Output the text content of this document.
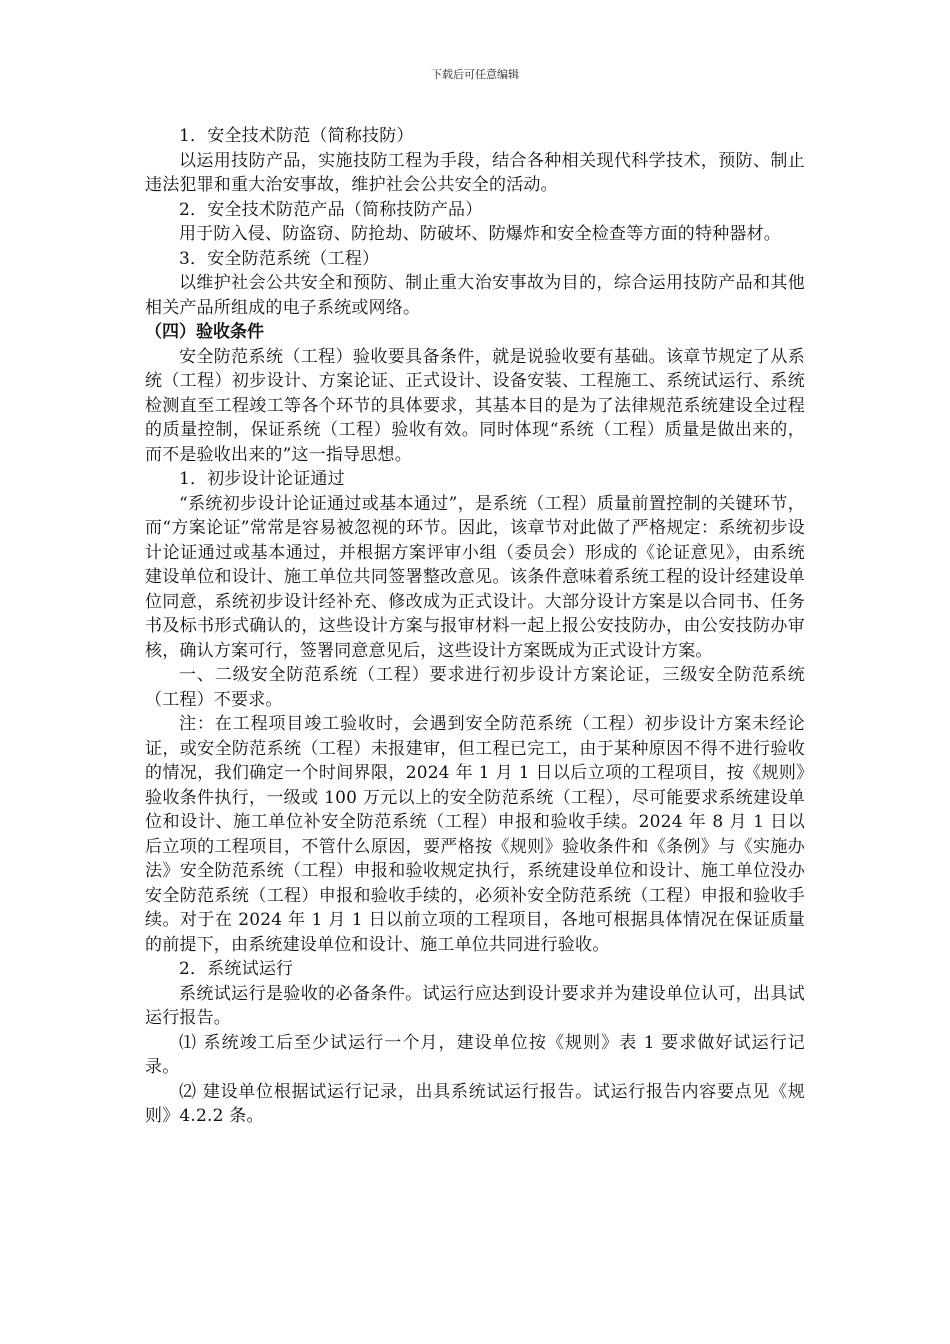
下载后可任意编辑

1．安全技术防范（简称技防）

以运用技防产品，实施技防工程为手段，结合各种相关现代科学技术，预防、制止违法犯罪和重大治安事故，维护社会公共安全的活动。

2．安全技术防范产品（简称技防产品）

用于防入侵、防盗窃、防抢劫、防破坏、防爆炸和安全检查等方面的特种器材。

3．安全防范系统（工程）

以维护社会公共安全和预防、制止重大治安事故为目的，综合运用技防产品和其他相关产品所组成的电子系统或网络。

（四）验收条件

安全防范系统（工程）验收要具备条件，就是说验收要有基础。该章节规定了从系统（工程）初步设计、方案论证、正式设计、设备安装、工程施工、系统试运行、系统检测直至工程竣工等各个环节的具体要求，其基本目的是为了法律规范系统建设全过程的质量控制，保证系统（工程）验收有效。同时体现“系统（工程）质量是做出来的，而不是验收出来的”这一指导思想。

1．初步设计论证通过

“系统初步设计论证通过或基本通过”，是系统（工程）质量前置控制的关键环节，而“方案论证”常常是容易被忽视的环节。因此，该章节对此做了严格规定：系统初步设计论证通过或基本通过，并根据方案评审小组（委员会）形成的《论证意见》，由系统建设单位和设计、施工单位共同签署整改意见。该条件意味着系统工程的设计经建设单位同意，系统初步设计经补充、修改成为正式设计。大部分设计方案是以合同书、任务书及标书形式确认的，这些设计方案与报审材料一起上报公安技防办，由公安技防办审核，确认方案可行，签署同意意见后，这些设计方案既成为正式设计方案。

一、二级安全防范系统（工程）要求进行初步设计方案论证，三级安全防范系统（工程）不要求。

注：在工程项目竣工验收时，会遇到安全防范系统（工程）初步设计方案未经论证，或安全防范系统（工程）未报建审，但工程已完工，由于某种原因不得不进行验收的情况，我们确定一个时间界限，2024 年 1 月 1 日以后立项的工程项目，按《规则》验收条件执行，一级或 100 万元以上的安全防范系统（工程），尽可能要求系统建设单位和设计、施工单位补安全防范系统（工程）申报和验收手续。2024 年 8 月 1 日以后立项的工程项目，不管什么原因，要严格按《规则》验收条件和《条例》与《实施办法》安全防范系统（工程）申报和验收规定执行，系统建设单位和设计、施工单位没办安全防范系统（工程）申报和验收手续的，必须补安全防范系统（工程）申报和验收手续。对于在 2024 年 1 月 1 日以前立项的工程项目，各地可根据具体情况在保证质量的前提下，由系统建设单位和设计、施工单位共同进行验收。

2．系统试运行

系统试运行是验收的必备条件。试运行应达到设计要求并为建设单位认可，出具试运行报告。

⑴ 系统竣工后至少试运行一个月，建设单位按《规则》表 1 要求做好试运行记录。

⑵ 建设单位根据试运行记录，出具系统试运行报告。试运行报告内容要点见《规则》4.2.2 条。
